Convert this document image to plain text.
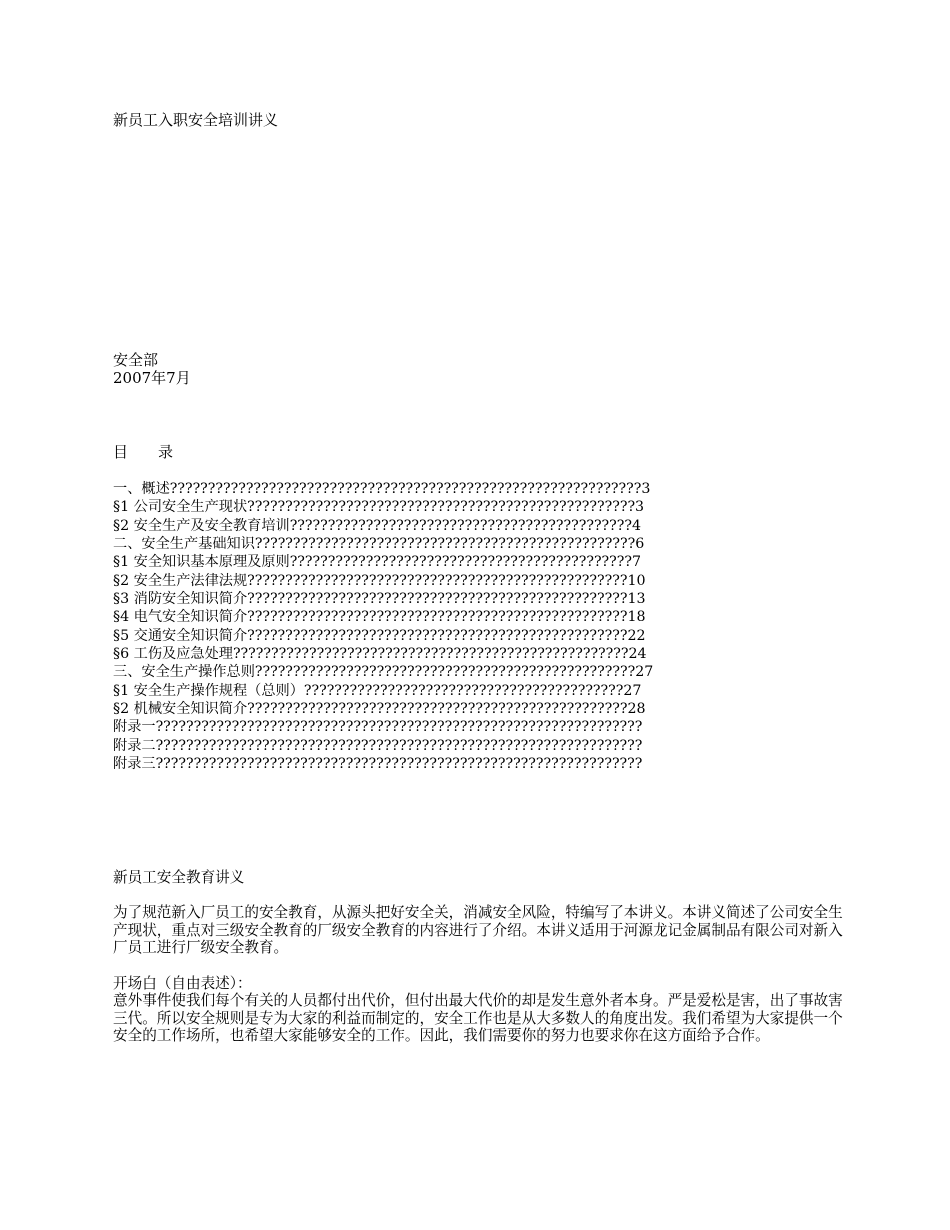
新员工入职安全培训讲义
安全部
2007年7月
目　　录
一、概述??????????????????????????????????????????????????????????????3
§1 公司安全生产现状???????????????????????????????????????????????????3
§2 安全生产及安全教育培训?????????????????????????????????????????????4
二、安全生产基础知识??????????????????????????????????????????????????6
§1 安全知识基本原理及原则?????????????????????????????????????????????7
§2 安全生产法律法规??????????????????????????????????????????????????10
§3 消防安全知识简介??????????????????????????????????????????????????13
§4 电气安全知识简介??????????????????????????????????????????????????18
§5 交通安全知识简介??????????????????????????????????????????????????22
§6 工伤及应急处理????????????????????????????????????????????????????24
三、安全生产操作总则??????????????????????????????????????????????????27
§1 安全生产操作规程（总则）??????????????????????????????????????????27
§2 机械安全知识简介??????????????????????????????????????????????????28
附录一????????????????????????????????????????????????????????????????
附录二????????????????????????????????????????????????????????????????
附录三????????????????????????????????????????????????????????????????

新员工安全教育讲义

为了规范新入厂员工的安全教育，从源头把好安全关，消减安全风险，特编写了本讲义。本讲义简述了公司安全生产现状，重点对三级安全教育的厂级安全教育的内容进行了介绍。本讲义适用于河源龙记金属制品有限公司对新入厂员工进行厂级安全教育。

开场白（自由表述）：

意外事件使我们每个有关的人员都付出代价，但付出最大代价的却是发生意外者本身。严是爱松是害，出了事故害三代。所以安全规则是专为大家的利益而制定的，安全工作也是从大多数人的角度出发。我们希望为大家提供一个安全的工作场所，也希望大家能够安全的工作。因此，我们需要你的努力也要求你在这方面给予合作。
